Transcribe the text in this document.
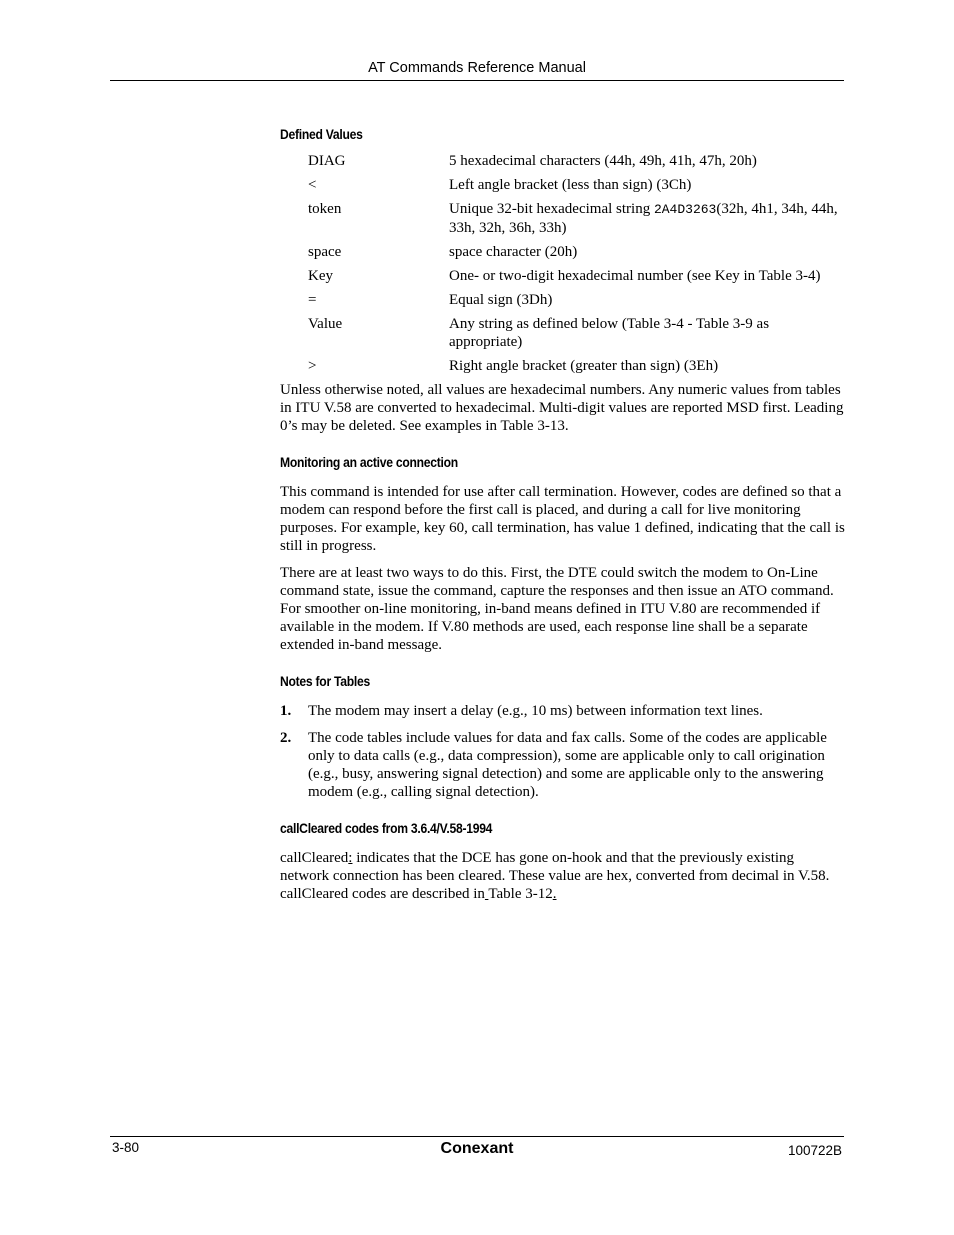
AT Commands Reference Manual
Defined Values
DIAG	5 hexadecimal characters (44h, 49h, 41h, 47h, 20h)
<	Left angle bracket (less than sign) (3Ch)
token	Unique 32-bit hexadecimal string 2A4D3263(32h, 4h1, 34h, 44h, 33h, 32h, 36h, 33h)
space	space character (20h)
Key	One- or two-digit hexadecimal number (see Key in Table 3-4)
=	Equal sign (3Dh)
Value	Any string as defined below (Table 3-4 - Table 3-9 as appropriate)
>	Right angle bracket (greater than sign) (3Eh)

Unless otherwise noted, all values are hexadecimal numbers. Any numeric values from tables in ITU V.58 are converted to hexadecimal. Multi-digit values are reported MSD first. Leading 0’s may be deleted. See examples in Table 3-13.

Monitoring an active connection

This command is intended for use after call termination. However, codes are defined so that a modem can respond before the first call is placed, and during a call for live monitoring purposes. For example, key 60, call termination, has value 1 defined, indicating that the call is still in progress.

There are at least two ways to do this. First, the DTE could switch the modem to On-Line command state, issue the command, capture the responses and then issue an ATO command. For smoother on-line monitoring, in-band means defined in ITU V.80 are recommended if available in the modem. If V.80 methods are used, each response line shall be a separate extended in-band message.

Notes for Tables
1.	The modem may insert a delay (e.g., 10 ms) between information text lines.
2.	The code tables include values for data and fax calls. Some of the codes are applicable only to data calls (e.g., data compression), some are applicable only to call origination (e.g., busy, answering signal detection) and some are applicable only to the answering modem (e.g., calling signal detection).
callCleared codes from 3.6.4/V.58-1994

callCleared: indicates that the DCE has gone on-hook and that the previously existing network connection has been cleared. These value are hex, converted from decimal in V.58. callCleared codes are described in Table 3-12.

3-80	Conexant	100722B
